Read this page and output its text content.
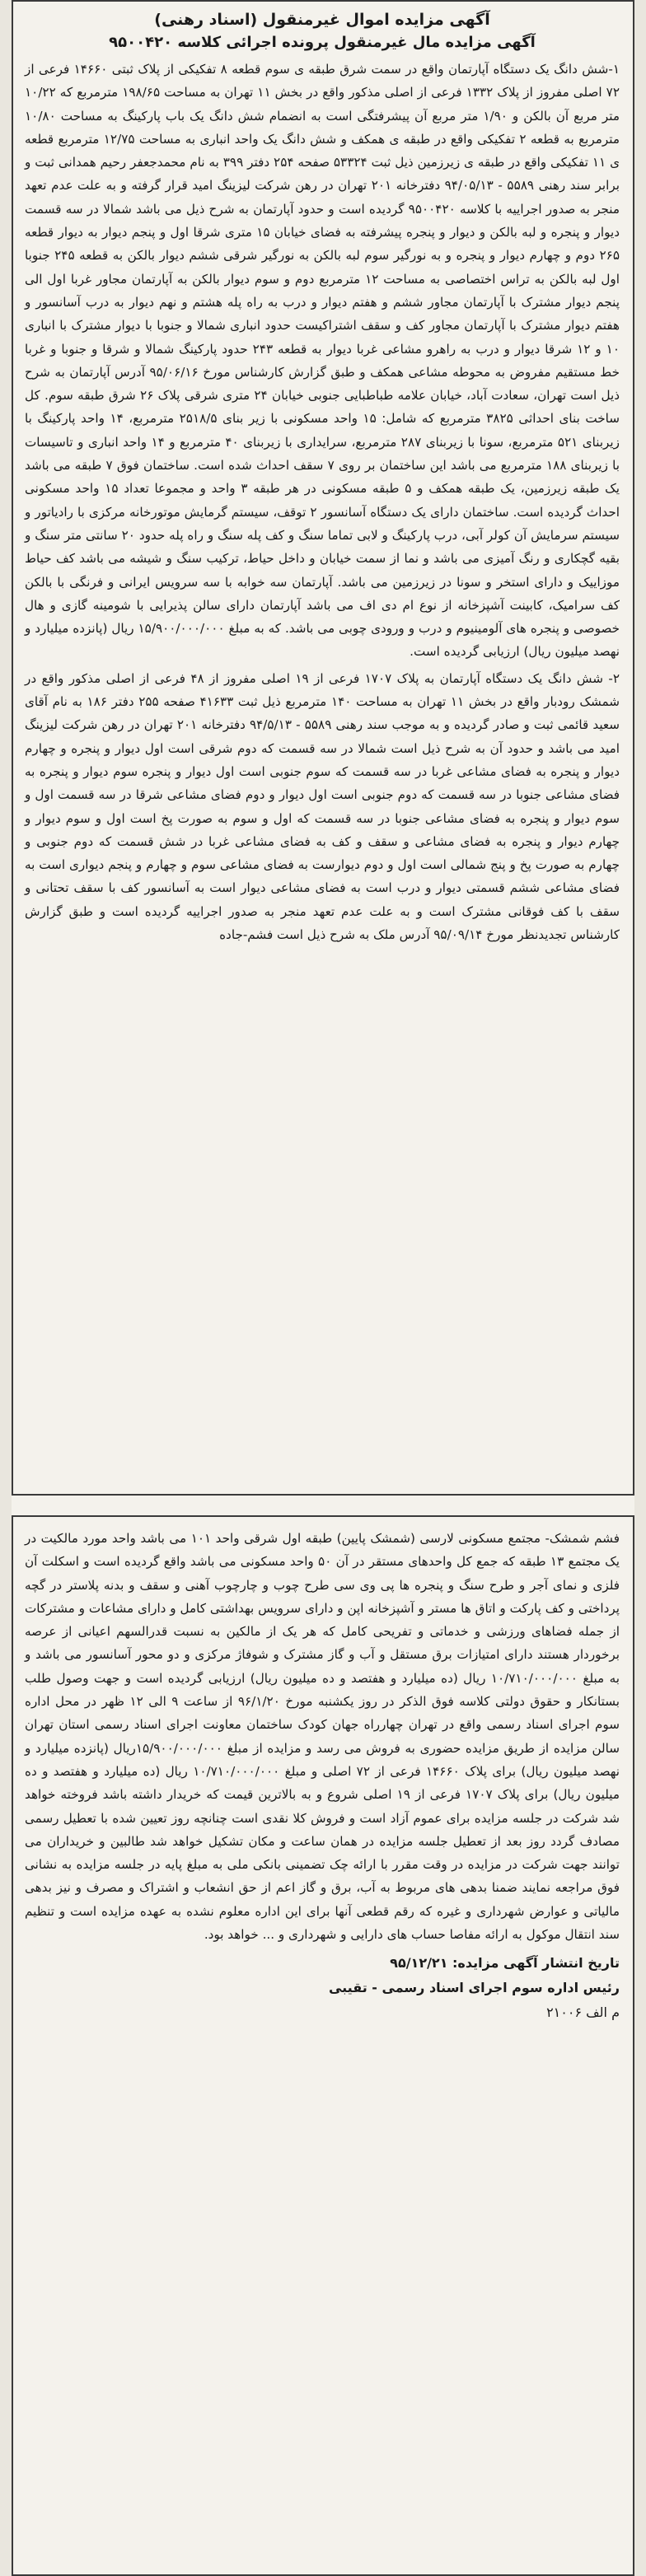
آگهی مزایده اموال غیرمنقول (اسناد رهنی)
آگهی مزایده مال غیرمنقول پرونده اجرائی کلاسه ۹۵۰۰۴۲۰

۱-شش دانگ یک دستگاه آپارتمان واقع در سمت شرق طبقه ی سوم قطعه ۸ تفکیکی از پلاک ثبتی ۱۴۶۶۰ فرعی از ۷۲ اصلی مفروز از پلاک ۱۳۳۲ فرعی از اصلی مذکور واقع در بخش ۱۱ تهران به مساحت ۱۹۸/۶۵ مترمربع که ۱۰/۲۲ متر مربع آن بالکن و ۱/۹۰ متر مربع آن پیشرفتگی است به انضمام شش دانگ یک باب پارکینگ به مساحت ۱۰/۸۰ مترمربع به قطعه ۲ تفکیکی واقع در طبقه ی همکف و شش دانگ یک واحد انباری به مساحت ۱۲/۷۵ مترمربع قطعه ی ۱۱ تفکیکی واقع در طبقه ی زیرزمین ذیل ثبت ۵۳۳۲۴ صفحه ۲۵۴ دفتر ۳۹۹ به نام محمدجعفر رحیم همدانی ثبت و برابر سند رهنی ۵۵۸۹ - ۹۴/۰۵/۱۳ دفترخانه ۲۰۱ تهران در رهن شرکت لیزینگ امید قرار گرفته و به علت عدم تعهد منجر به صدور اجراییه با کلاسه ۹۵۰۰۴۲۰ گردیده است و حدود آپارتمان به شرح ذیل می باشد شمالا در سه قسمت دیوار و پنجره و لبه بالکن و دیوار و پنجره پیشرفته به فضای خیابان ۱۵ متری شرقا اول و پنجم دیوار به دیوار قطعه ۲۶۵ دوم و چهارم دیوار و پنجره و به نورگیر سوم لبه بالکن به نورگیر شرقی ششم دیوار بالکن به قطعه ۲۴۵ جنوبا اول لبه بالکن به تراس اختصاصی به مساحت ۱۲ مترمربع دوم و سوم دیوار بالکن به آپارتمان مجاور غربا اول الی پنجم دیوار مشترک با آپارتمان مجاور ششم و هفتم دیوار و درب به راه پله هشتم و نهم دیوار به درب آسانسور و هفتم دیوار مشترک با آپارتمان مجاور کف و سقف اشتراکیست حدود انباری شمالا و جنوبا با دیوار مشترک با انباری ۱۰ و ۱۲ شرقا دیوار و درب به راهرو مشاعی غربا دیوار به قطعه ۲۴۳ حدود پارکینگ شمالا و شرقا و جنوبا و غربا خط مستقیم مفروض به محوطه مشاعی همکف و طبق گزارش کارشناس مورخ ۹۵/۰۶/۱۶ آدرس آپارتمان به شرح ذیل است تهران، سعادت آباد، خیابان علامه طباطبایی جنوبی خیابان ۲۴ متری شرقی پلاک ۲۶ شرق طبقه سوم. کل ساخت بنای احداثی ۳۸۲۵ مترمربع که شامل: ۱۵ واحد مسکونی با زیر بنای ۲۵۱۸/۵ مترمربع، ۱۴ واحد پارکینگ با زیربنای ۵۲۱ مترمربع، سونا با زیربنای ۲۸۷ مترمربع، سرایداری با زیربنای ۴۰ مترمربع و ۱۴ واحد انباری و تاسیسات با زیربنای ۱۸۸ مترمربع می باشد این ساختمان بر روی ۷ سقف احداث شده است. ساختمان فوق ۷ طبقه می باشد یک طبقه زیرزمین، یک طبقه همکف و ۵ طبقه مسکونی در هر طبقه ۳ واحد و مجموعا تعداد ۱۵ واحد مسکونی احداث گردیده است. ساختمان دارای یک دستگاه آسانسور ۲ توقف، سیستم گرمایش موتورخانه مرکزی با رادیاتور و سیستم سرمایش آن کولر آبی، درب پارکینگ و لابی تماما سنگ و کف پله سنگ و راه پله حدود ۲۰ سانتی متر سنگ و بقیه گچکاری و رنگ آمیزی می باشد و نما از سمت خیابان و داخل حیاط، ترکیب سنگ و شیشه می باشد کف حیاط موزاییک و دارای استخر و سونا در زیرزمین می باشد. آپارتمان سه خوابه با سه سرویس ایرانی و فرنگی با بالکن کف سرامیک، کابینت آشپزخانه از نوع ام دی اف می باشد آپارتمان دارای سالن پذیرایی با شومینه گازی و هال خصوصی و پنجره های آلومینیوم و درب و ورودی چوبی می باشد. که به مبلغ ۱۵/۹۰۰/۰۰۰/۰۰۰ ریال (پانزده میلیارد و نهصد میلیون ریال) ارزیابی گردیده است.

۲- شش دانگ یک دستگاه آپارتمان به پلاک ۱۷۰۷ فرعی از ۱۹ اصلی مفروز از ۴۸ فرعی از اصلی مذکور واقع در شمشک رودبار واقع در بخش ۱۱ تهران به مساحت ۱۴۰ مترمربع ذیل ثبت ۴۱۶۳۳ صفحه ۲۵۵ دفتر ۱۸۶ به نام آقای سعید قائمی ثبت و صادر گردیده و به موجب سند رهنی ۵۵۸۹ - ۹۴/۵/۱۳ دفترخانه ۲۰۱ تهران در رهن شرکت لیزینگ امید می باشد و حدود آن به شرح ذیل است شمالا در سه قسمت که دوم شرقی است اول دیوار و پنجره و چهارم دیوار و پنجره به فضای مشاعی غربا در سه قسمت که سوم جنوبی است اول دیوار و پنجره سوم دیوار و پنجره به فضای مشاعی جنوبا در سه قسمت که دوم جنوبی است اول دیوار و دوم فضای مشاعی شرقا در سه قسمت اول و سوم دیوار و پنجره به فضای مشاعی جنوبا در سه قسمت که اول و سوم به صورت پخ است اول و سوم دیوار و چهارم دیوار و پنجره به فضای مشاعی و سقف و کف به فضای مشاعی غربا در شش قسمت که دوم جنوبی و چهارم به صورت پخ و پنج شمالی است اول و دوم دیوارست به فضای مشاعی سوم و چهارم و پنجم دیواری است به فضای مشاعی ششم قسمتی دیوار و درب است به فضای مشاعی دیوار است به آسانسور کف با سقف تحتانی و سقف با کف فوقانی مشترک است و به علت عدم تعهد منجر به صدور اجراییه گردیده است و طبق گزارش کارشناس تجدیدنظر مورخ ۹۵/۰۹/۱۴ آدرس ملک به شرح ذیل است فشم-جاده

فشم شمشک- مجتمع مسکونی لارسی (شمشک پایین) طبقه اول شرقی واحد ۱۰۱ می باشد واحد مورد مالکیت در یک مجتمع ۱۳ طبقه که جمع کل واحدهای مستقر در آن ۵۰ واحد مسکونی می باشد واقع گردیده است و اسکلت آن فلزی و نمای آجر و طرح سنگ و پنجره ها پی وی سی طرح چوب و چارچوب آهنی و سقف و بدنه پلاستر در گچه پرداختی و کف پارکت و اتاق ها مستر و آشپزخانه اپن و دارای سرویس بهداشتی کامل و دارای مشاعات و مشترکات از جمله فضاهای ورزشی و خدماتی و تفریحی کامل که هر یک از مالکین به نسبت قدرالسهم اعیانی از عرصه برخوردار هستند دارای امتیازات برق مستقل و آب و گاز مشترک و شوفاژ مرکزی و دو محور آسانسور می باشد و به مبلغ ۱۰/۷۱۰/۰۰۰/۰۰۰ ریال (ده میلیارد و هفتصد و ده میلیون ریال) ارزیابی گردیده است و جهت وصول طلب بستانکار و حقوق دولتی کلاسه فوق الذکر در روز یکشنبه مورخ ۹۶/۱/۲۰ از ساعت ۹ الی ۱۲ ظهر در محل اداره سوم اجرای اسناد رسمی واقع در تهران چهارراه جهان کودک ساختمان معاونت اجرای اسناد رسمی استان تهران سالن مزایده از طریق مزایده حضوری به فروش می رسد و مزایده از مبلغ ۱۵/۹۰۰/۰۰۰/۰۰۰ریال (پانزده میلیارد و نهصد میلیون ریال) برای پلاک ۱۴۶۶۰ فرعی از ۷۲ اصلی و مبلغ ۱۰/۷۱۰/۰۰۰/۰۰۰ ریال (ده میلیارد و هفتصد و ده میلیون ریال) برای پلاک ۱۷۰۷ فرعی از ۱۹ اصلی شروع و به بالاترین قیمت که خریدار داشته باشد فروخته خواهد شد شرکت در جلسه مزایده برای عموم آزاد است و فروش کلا نقدی است چنانچه روز تعیین شده با تعطیل رسمی مصادف گردد روز بعد از تعطیل جلسه مزایده در همان ساعت و مکان تشکیل خواهد شد طالبین و خریداران می توانند جهت شرکت در مزایده در وقت مقرر با ارائه چک تضمینی بانکی ملی به مبلغ پایه در جلسه مزایده به نشانی فوق مراجعه نمایند ضمنا بدهی های مربوط به آب، برق و گاز اعم از حق انشعاب و اشتراک و مصرف و نیز بدهی مالیاتی و عوارض شهرداری و غیره که رقم قطعی آنها برای این اداره معلوم نشده به عهده مزایده است و تنظیم سند انتقال موکول به ارائه مفاصا حساب های دارایی و شهرداری و ... خواهد بود.

تاریخ انتشار آگهی مزایده: ۹۵/۱۲/۲۱
رئیس اداره سوم اجرای اسناد رسمی - تقیبی
م الف ۲۱۰۰۶
